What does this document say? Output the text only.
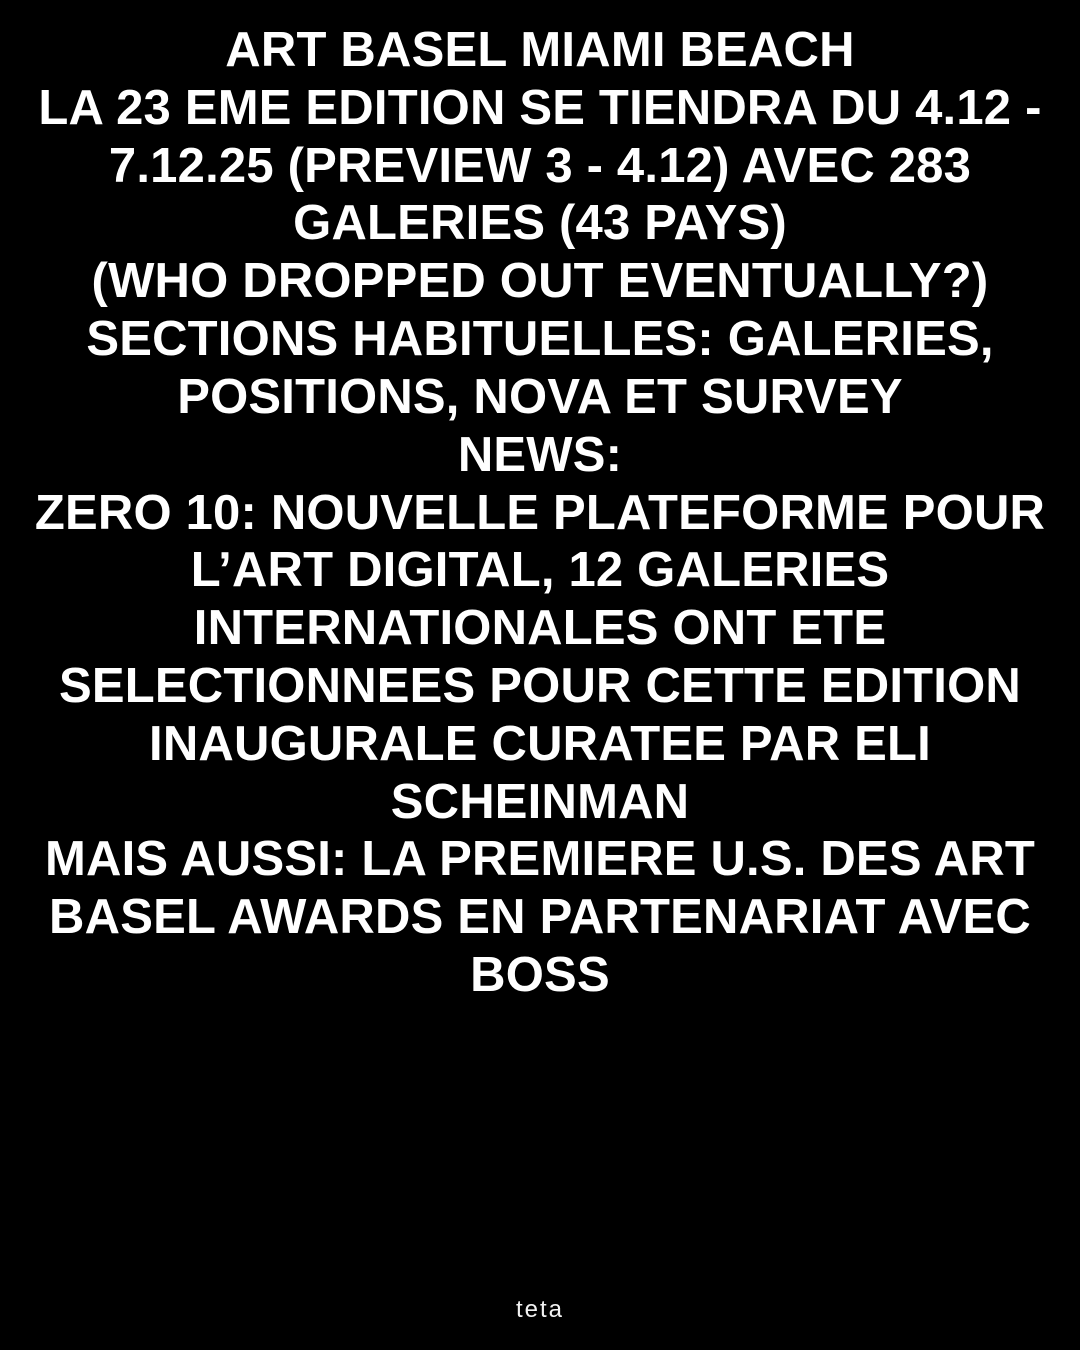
ART BASEL MIAMI BEACH
LA 23 EME EDITION SE TIENDRA DU 4.12 - 7.12.25 (PREVIEW 3 - 4.12) AVEC 283 GALERIES (43 PAYS)
(WHO DROPPED OUT EVENTUALLY?)
SECTIONS HABITUELLES: GALERIES, POSITIONS, NOVA ET SURVEY
NEWS:
ZERO 10: NOUVELLE PLATEFORME POUR L’ART DIGITAL, 12 GALERIES INTERNATIONALES ONT ETE SELECTIONNEES POUR CETTE EDITION INAUGURALE CURATEE PAR ELI SCHEINMAN
MAIS AUSSI: LA PREMIERE U.S. DES ART BASEL AWARDS EN PARTENARIAT AVEC BOSS
teta
